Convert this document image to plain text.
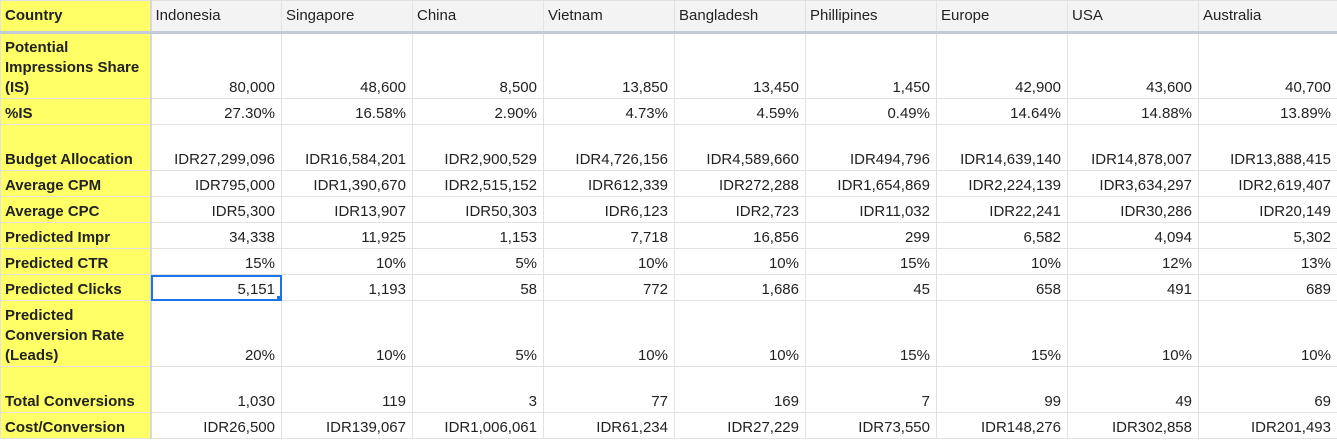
Country	Indonesia	Singapore	China	Vietnam	Bangladesh	Phillipines	Europe	USA	Australia
Potential Impressions Share (IS)	80,000	48,600	8,500	13,850	13,450	1,450	42,900	43,600	40,700
%IS	27.30%	16.58%	2.90%	4.73%	4.59%	0.49%	14.64%	14.88%	13.89%
Budget Allocation	IDR27,299,096	IDR16,584,201	IDR2,900,529	IDR4,726,156	IDR4,589,660	IDR494,796	IDR14,639,140	IDR14,878,007	IDR13,888,415
Average CPM	IDR795,000	IDR1,390,670	IDR2,515,152	IDR612,339	IDR272,288	IDR1,654,869	IDR2,224,139	IDR3,634,297	IDR2,619,407
Average CPC	IDR5,300	IDR13,907	IDR50,303	IDR6,123	IDR2,723	IDR11,032	IDR22,241	IDR30,286	IDR20,149
Predicted Impr	34,338	11,925	1,153	7,718	16,856	299	6,582	4,094	5,302
Predicted CTR	15%	10%	5%	10%	10%	15%	10%	12%	13%
Predicted Clicks	5,151	1,193	58	772	1,686	45	658	491	689
Predicted Conversion Rate (Leads)	20%	10%	5%	10%	10%	15%	15%	10%	10%
Total Conversions	1,030	119	3	77	169	7	99	49	69
Cost/Conversion	IDR26,500	IDR139,067	IDR1,006,061	IDR61,234	IDR27,229	IDR73,550	IDR148,276	IDR302,858	IDR201,493
